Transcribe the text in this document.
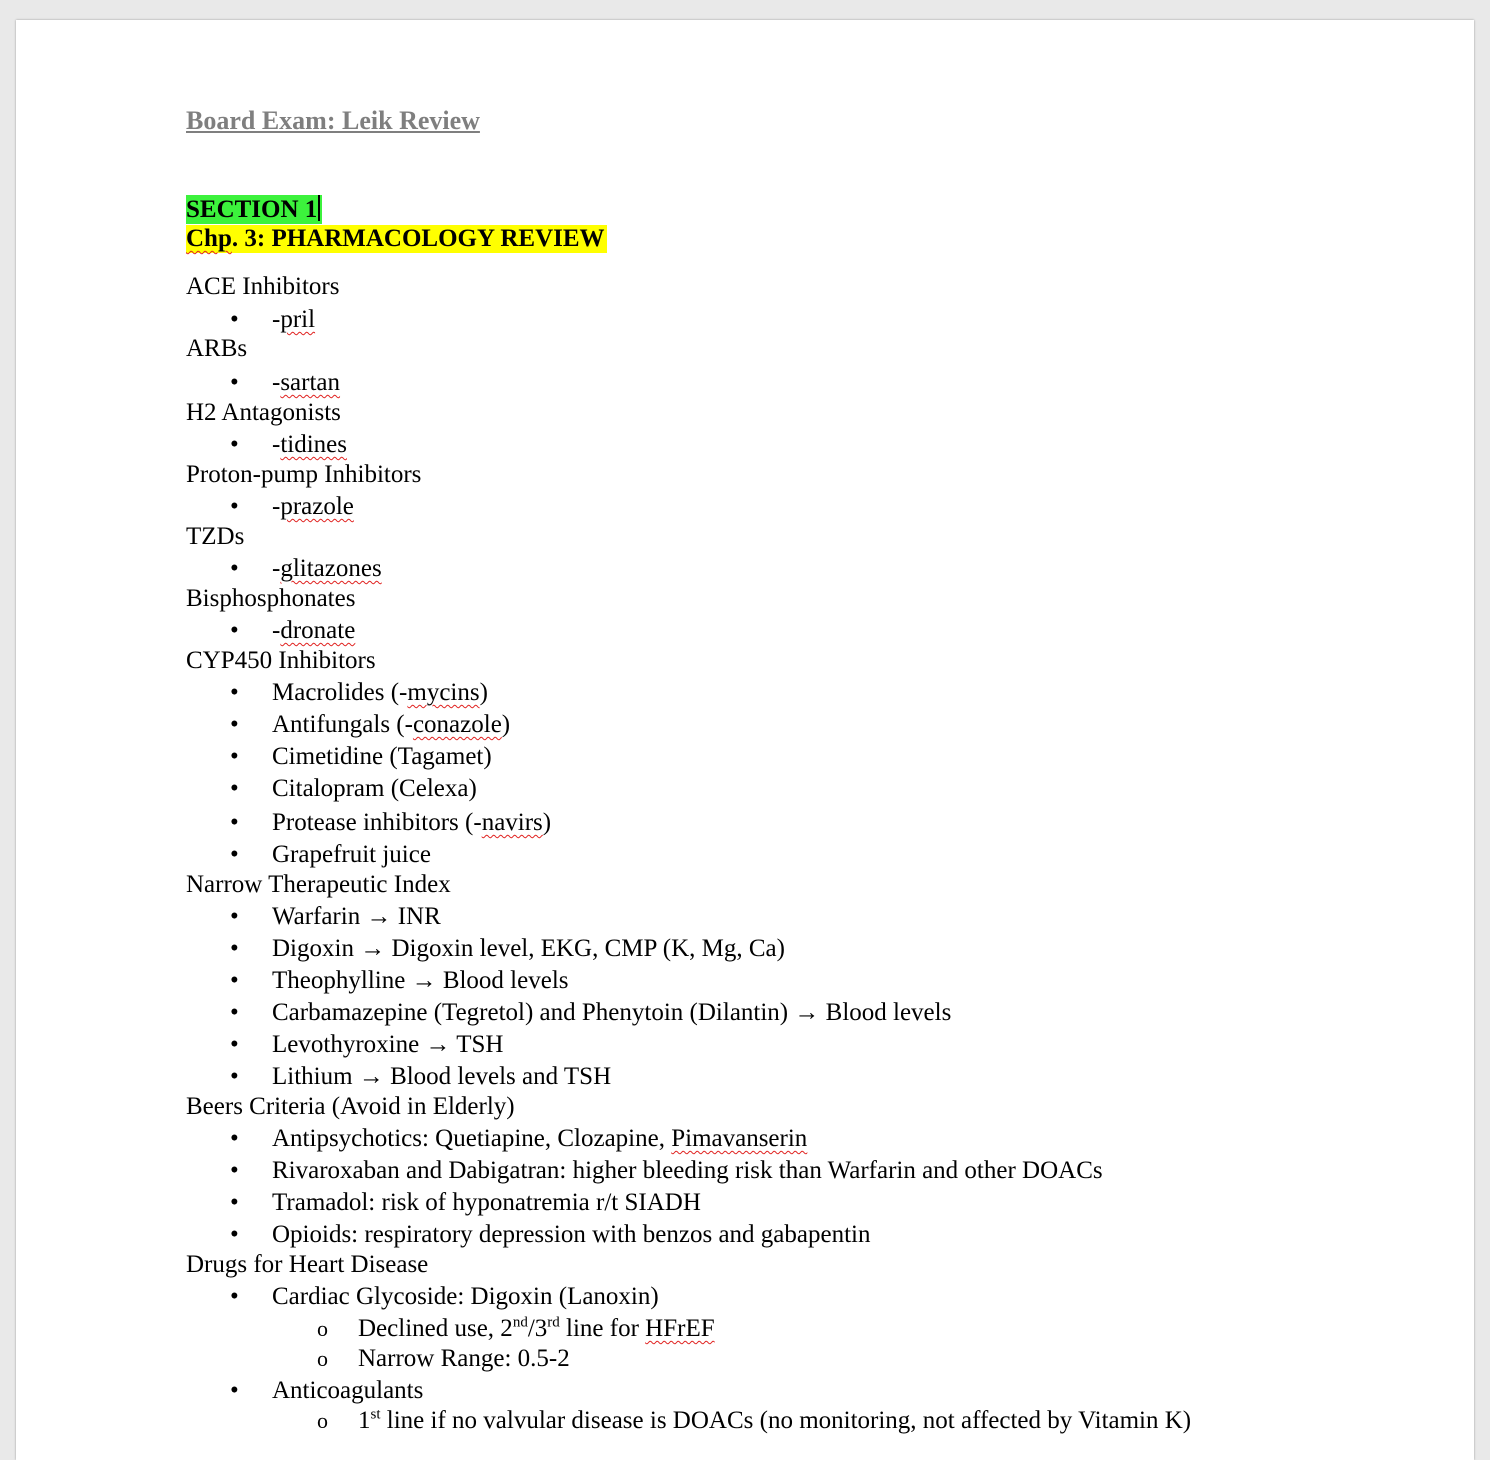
Board Exam: Leik Review
SECTION 1
Chp. 3: PHARMACOLOGY REVIEW
ACE Inhibitors
• -pril
ARBs
• -sartan
H2 Antagonists
• -tidines
Proton-pump Inhibitors
• -prazole
TZDs
• -glitazones
Bisphosphonates
• -dronate
CYP450 Inhibitors
• Macrolides (-mycins)
• Antifungals (-conazole)
• Cimetidine (Tagamet)
• Citalopram (Celexa)
• Protease inhibitors (-navirs)
• Grapefruit juice
Narrow Therapeutic Index
• Warfarin → INR
• Digoxin → Digoxin level, EKG, CMP (K, Mg, Ca)
• Theophylline → Blood levels
• Carbamazepine (Tegretol) and Phenytoin (Dilantin) → Blood levels
• Levothyroxine → TSH
• Lithium → Blood levels and TSH
Beers Criteria (Avoid in Elderly)
• Antipsychotics: Quetiapine, Clozapine, Pimavanserin
• Rivaroxaban and Dabigatran: higher bleeding risk than Warfarin and other DOACs
• Tramadol: risk of hyponatremia r/t SIADH
• Opioids: respiratory depression with benzos and gabapentin
Drugs for Heart Disease
• Cardiac Glycoside: Digoxin (Lanoxin)
o Declined use, 2nd/3rd line for HFrEF
o Narrow Range: 0.5-2
• Anticoagulants
o 1st line if no valvular disease is DOACs (no monitoring, not affected by Vitamin K)
